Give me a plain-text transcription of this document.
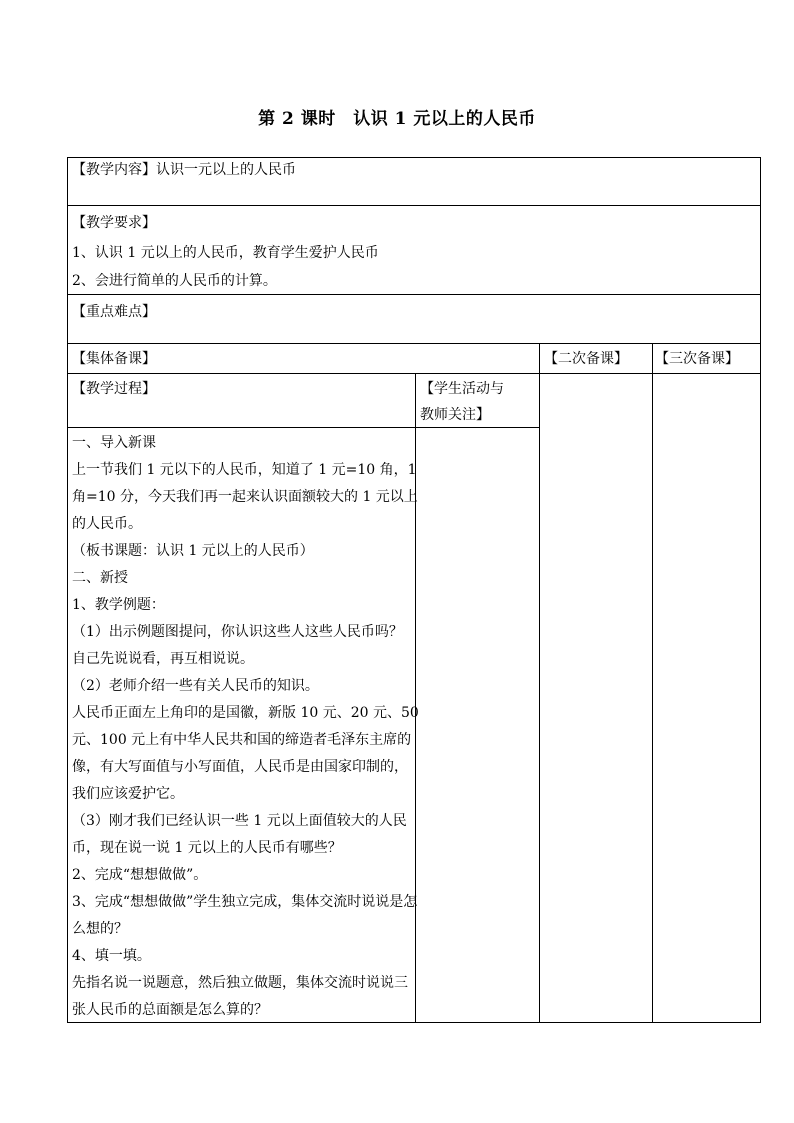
第 2 课时　认识 1 元以上的人民币
【教学内容】认识一元以上的人民币
【教学要求】
1、认识 1 元以上的人民币，教育学生爱护人民币
2、会进行简单的人民币的计算。
【重点难点】
【集体备课】	【二次备课】 【三次备课】
【教学过程】	【学生活动与
教师关注】
一、导入新课
上一节我们 1 元以下的人民币，知道了 1 元=10 角，1
角=10 分，今天我们再一起来认识面额较大的 1 元以上
的人民币。
（板书课题：认识 1 元以上的人民币）
二、新授
1、教学例题：
（1）出示例题图提问，你认识这些人这些人民币吗？
自己先说说看，再互相说说。
（2）老师介绍一些有关人民币的知识。
人民币正面左上角印的是国徽，新版 10 元、20 元、50
元、100 元上有中华人民共和国的缔造者毛泽东主席的
像，有大写面值与小写面值，人民币是由国家印制的，
我们应该爱护它。
（3）刚才我们已经认识一些 1 元以上面值较大的人民
币，现在说一说 1 元以上的人民币有哪些？
2、完成“想想做做”。
3、完成“想想做做”学生独立完成，集体交流时说说是怎
么想的？
4、填一填。
先指名说一说题意，然后独立做题，集体交流时说说三
张人民币的总面额是怎么算的？
